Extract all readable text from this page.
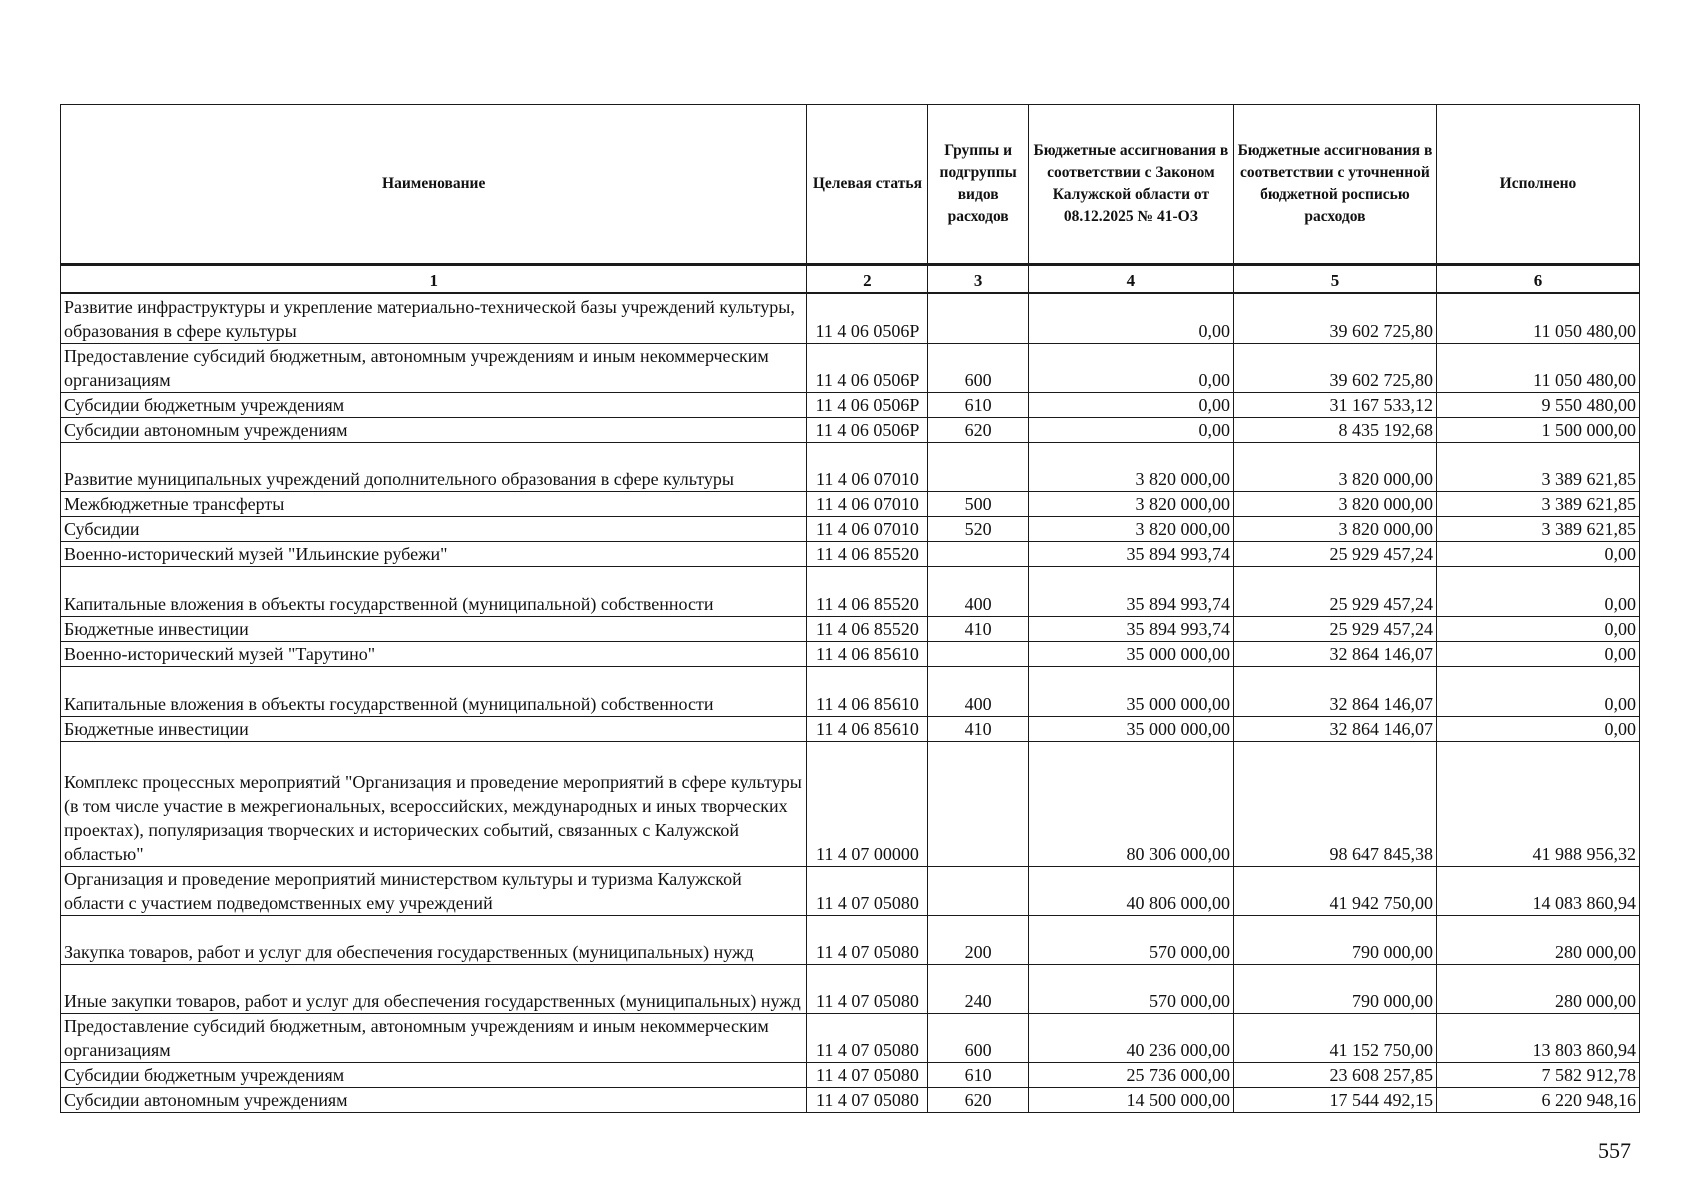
Наименование	Целевая статья	Группы и подгруппы видов расходов	Бюджетные ассигнования в соответствии с Законом Калужской области от 08.12.2025 № 41-ОЗ	Бюджетные ассигнования в соответствии с уточненной бюджетной росписью расходов	Исполнено
1	2	3	4	5	6
Развитие инфраструктуры и укрепление материально-технической базы учреждений культуры, образования в сфере культуры	11 4 06 0506Р		0,00	39 602 725,80	11 050 480,00
Предоставление субсидий бюджетным, автономным учреждениям и иным некоммерческим организациям	11 4 06 0506Р	600	0,00	39 602 725,80	11 050 480,00
Субсидии бюджетным учреждениям	11 4 06 0506Р	610	0,00	31 167 533,12	9 550 480,00
Субсидии автономным учреждениям	11 4 06 0506Р	620	0,00	8 435 192,68	1 500 000,00
Развитие муниципальных учреждений дополнительного образования в сфере культуры	11 4 06 07010		3 820 000,00	3 820 000,00	3 389 621,85
Межбюджетные трансферты	11 4 06 07010	500	3 820 000,00	3 820 000,00	3 389 621,85
Субсидии	11 4 06 07010	520	3 820 000,00	3 820 000,00	3 389 621,85
Военно-исторический музей "Ильинские рубежи"	11 4 06 85520		35 894 993,74	25 929 457,24	0,00
Капитальные вложения в объекты государственной (муниципальной) собственности	11 4 06 85520	400	35 894 993,74	25 929 457,24	0,00
Бюджетные инвестиции	11 4 06 85520	410	35 894 993,74	25 929 457,24	0,00
Военно-исторический музей "Тарутино"	11 4 06 85610		35 000 000,00	32 864 146,07	0,00
Капитальные вложения в объекты государственной (муниципальной) собственности	11 4 06 85610	400	35 000 000,00	32 864 146,07	0,00
Бюджетные инвестиции	11 4 06 85610	410	35 000 000,00	32 864 146,07	0,00
Комплекс процессных мероприятий "Организация и проведение мероприятий в сфере культуры (в том числе участие в межрегиональных, всероссийских, международных и иных творческих проектах), популяризация творческих и исторических событий, связанных с Калужской областью"	11 4 07 00000		80 306 000,00	98 647 845,38	41 988 956,32
Организация и проведение мероприятий министерством культуры и туризма Калужской области с участием подведомственных ему учреждений	11 4 07 05080		40 806 000,00	41 942 750,00	14 083 860,94
Закупка товаров, работ и услуг для обеспечения государственных (муниципальных) нужд	11 4 07 05080	200	570 000,00	790 000,00	280 000,00
Иные закупки товаров, работ и услуг для обеспечения государственных (муниципальных) нужд	11 4 07 05080	240	570 000,00	790 000,00	280 000,00
Предоставление субсидий бюджетным, автономным учреждениям и иным некоммерческим организациям	11 4 07 05080	600	40 236 000,00	41 152 750,00	13 803 860,94
Субсидии бюджетным учреждениям	11 4 07 05080	610	25 736 000,00	23 608 257,85	7 582 912,78
Субсидии автономным учреждениям	11 4 07 05080	620	14 500 000,00	17 544 492,15	6 220 948,16
557
